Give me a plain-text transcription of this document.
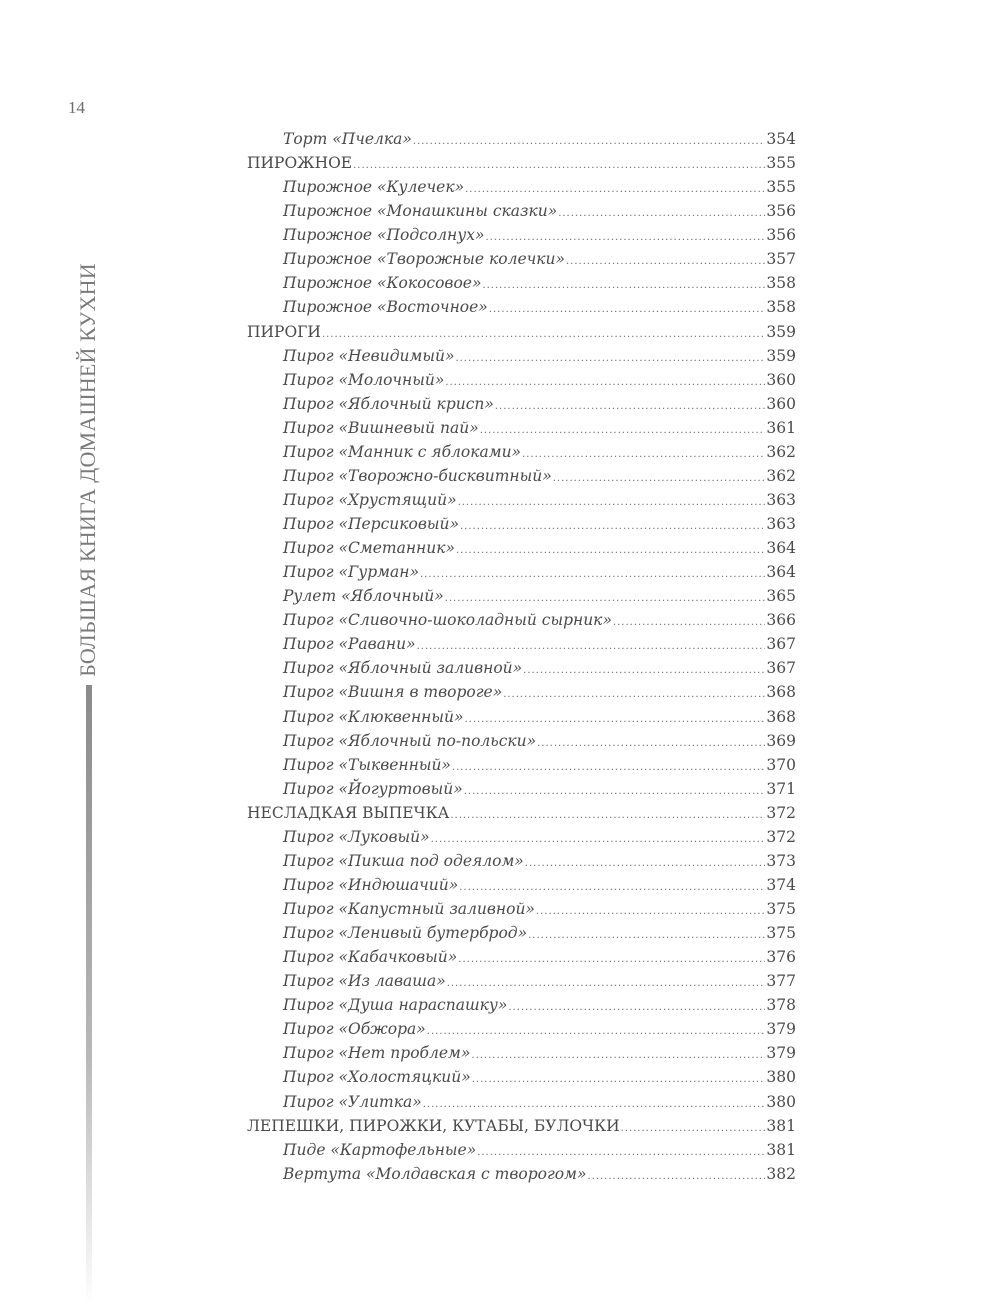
14
БОЛЬШАЯ КНИГА ДОМАШНЕЙ КУХНИ
Торт «Пчелка» .....	354
ПИРОЖНОЕ .....	355
Пирожное «Кулечек» .....	355
Пирожное «Монашкины сказки» .....	356
Пирожное «Подсолнух» .....	356
Пирожное «Творожные колечки» .....	357
Пирожное «Кокосовое» .....	358
Пирожное «Восточное» .....	358
ПИРОГИ .....	359
Пирог «Невидимый» .....	359
Пирог «Молочный» .....	360
Пирог «Яблочный крисп» .....	360
Пирог «Вишневый пай» .....	361
Пирог «Манник с яблоками» .....	362
Пирог «Творожно-бисквитный» .....	362
Пирог «Хрустящий» .....	363
Пирог «Персиковый» .....	363
Пирог «Сметанник» .....	364
Пирог «Гурман» .....	364
Рулет «Яблочный» .....	365
Пирог «Сливочно-шоколадный сырник» .....	366
Пирог «Равани» .....	367
Пирог «Яблочный заливной» .....	367
Пирог «Вишня в твороге» .....	368
Пирог «Клюквенный» .....	368
Пирог «Яблочный по-польски» .....	369
Пирог «Тыквенный» .....	370
Пирог «Йогуртовый» .....	371
НЕСЛАДКАЯ ВЫПЕЧКА .....	372
Пирог «Луковый» .....	372
Пирог «Пикша под одеялом» .....	373
Пирог «Индюшачий» .....	374
Пирог «Капустный заливной» .....	375
Пирог «Ленивый бутерброд» .....	375
Пирог «Кабачковый» .....	376
Пирог «Из лаваша» .....	377
Пирог «Душа нараспашку» .....	378
Пирог «Обжора» .....	379
Пирог «Нет проблем» .....	379
Пирог «Холостяцкий» .....	380
Пирог «Улитка» .....	380
ЛЕПЕШКИ, ПИРОЖКИ, КУТАБЫ, БУЛОЧКИ .....	381
Пиде «Картофельные» .....	381
Вертута «Молдавская с творогом» .....	382
